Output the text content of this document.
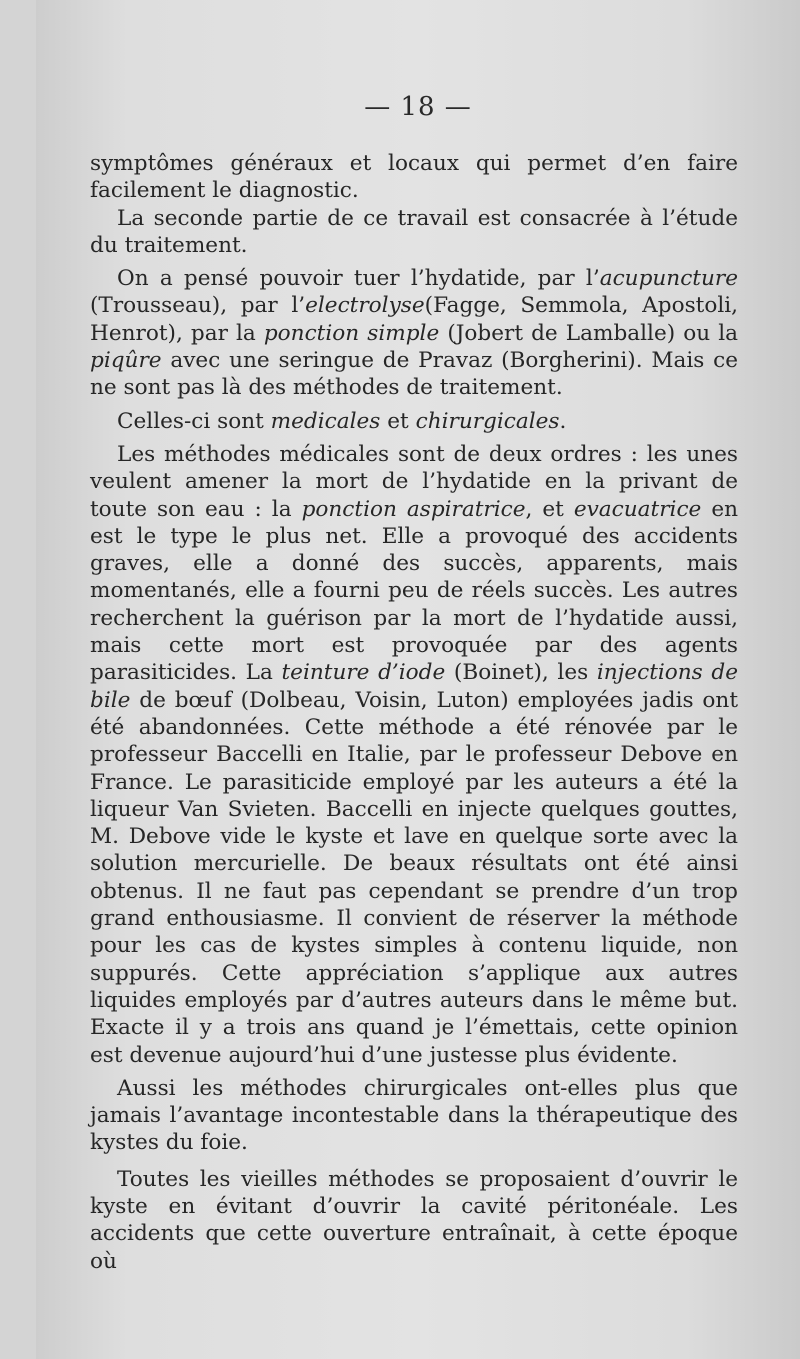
— 18 —

symptômes généraux et locaux qui permet d’en faire facilement le diagnostic.

La seconde partie de ce travail est consacrée à l’étude du traitement.

On a pensé pouvoir tuer l’hydatide, par l’acupuncture (Trousseau), par l’electrolyse(Fagge, Semmola, Apostoli, Henrot), par la ponction simple (Jobert de Lamballe) ou la piqûre avec une seringue de Pravaz (Borgherini). Mais ce ne sont pas là des méthodes de traitement.

Celles-ci sont medicales et chirurgicales.

Les méthodes médicales sont de deux ordres : les unes veulent amener la mort de l’hydatide en la privant de toute son eau : la ponction aspiratrice, et evacuatrice en est le type le plus net. Elle a provoqué des accidents graves, elle a donné des succès, apparents, mais momentanés, elle a fourni peu de réels succès. Les autres recherchent la guérison par la mort de l’hydatide aussi, mais cette mort est provoquée par des agents parasiticides. La teinture d’iode (Boinet), les injections de bile de bœuf (Dolbeau, Voisin, Luton) employées jadis ont été abandonnées. Cette méthode a été rénovée par le professeur Baccelli en Italie, par le professeur Debove en France. Le parasiticide employé par les auteurs a été la liqueur Van Svieten. Baccelli en injecte quelques gouttes, M. Debove vide le kyste et lave en quelque sorte avec la solution mercurielle. De beaux résultats ont été ainsi obtenus. Il ne faut pas cependant se prendre d’un trop grand enthousiasme. Il convient de réserver la méthode pour les cas de kystes simples à contenu liquide, non suppurés. Cette appréciation s’applique aux autres liquides employés par d’autres auteurs dans le même but. Exacte il y a trois ans quand je l’émettais, cette opinion est devenue aujourd’hui d’une justesse plus évidente.

Aussi les méthodes chirurgicales ont-elles plus que jamais l’avantage incontestable dans la thérapeutique des kystes du foie.

Toutes les vieilles méthodes se proposaient d’ouvrir le kyste en évitant d’ouvrir la cavité péritonéale. Les accidents que cette ouverture entraînait, à cette époque où
